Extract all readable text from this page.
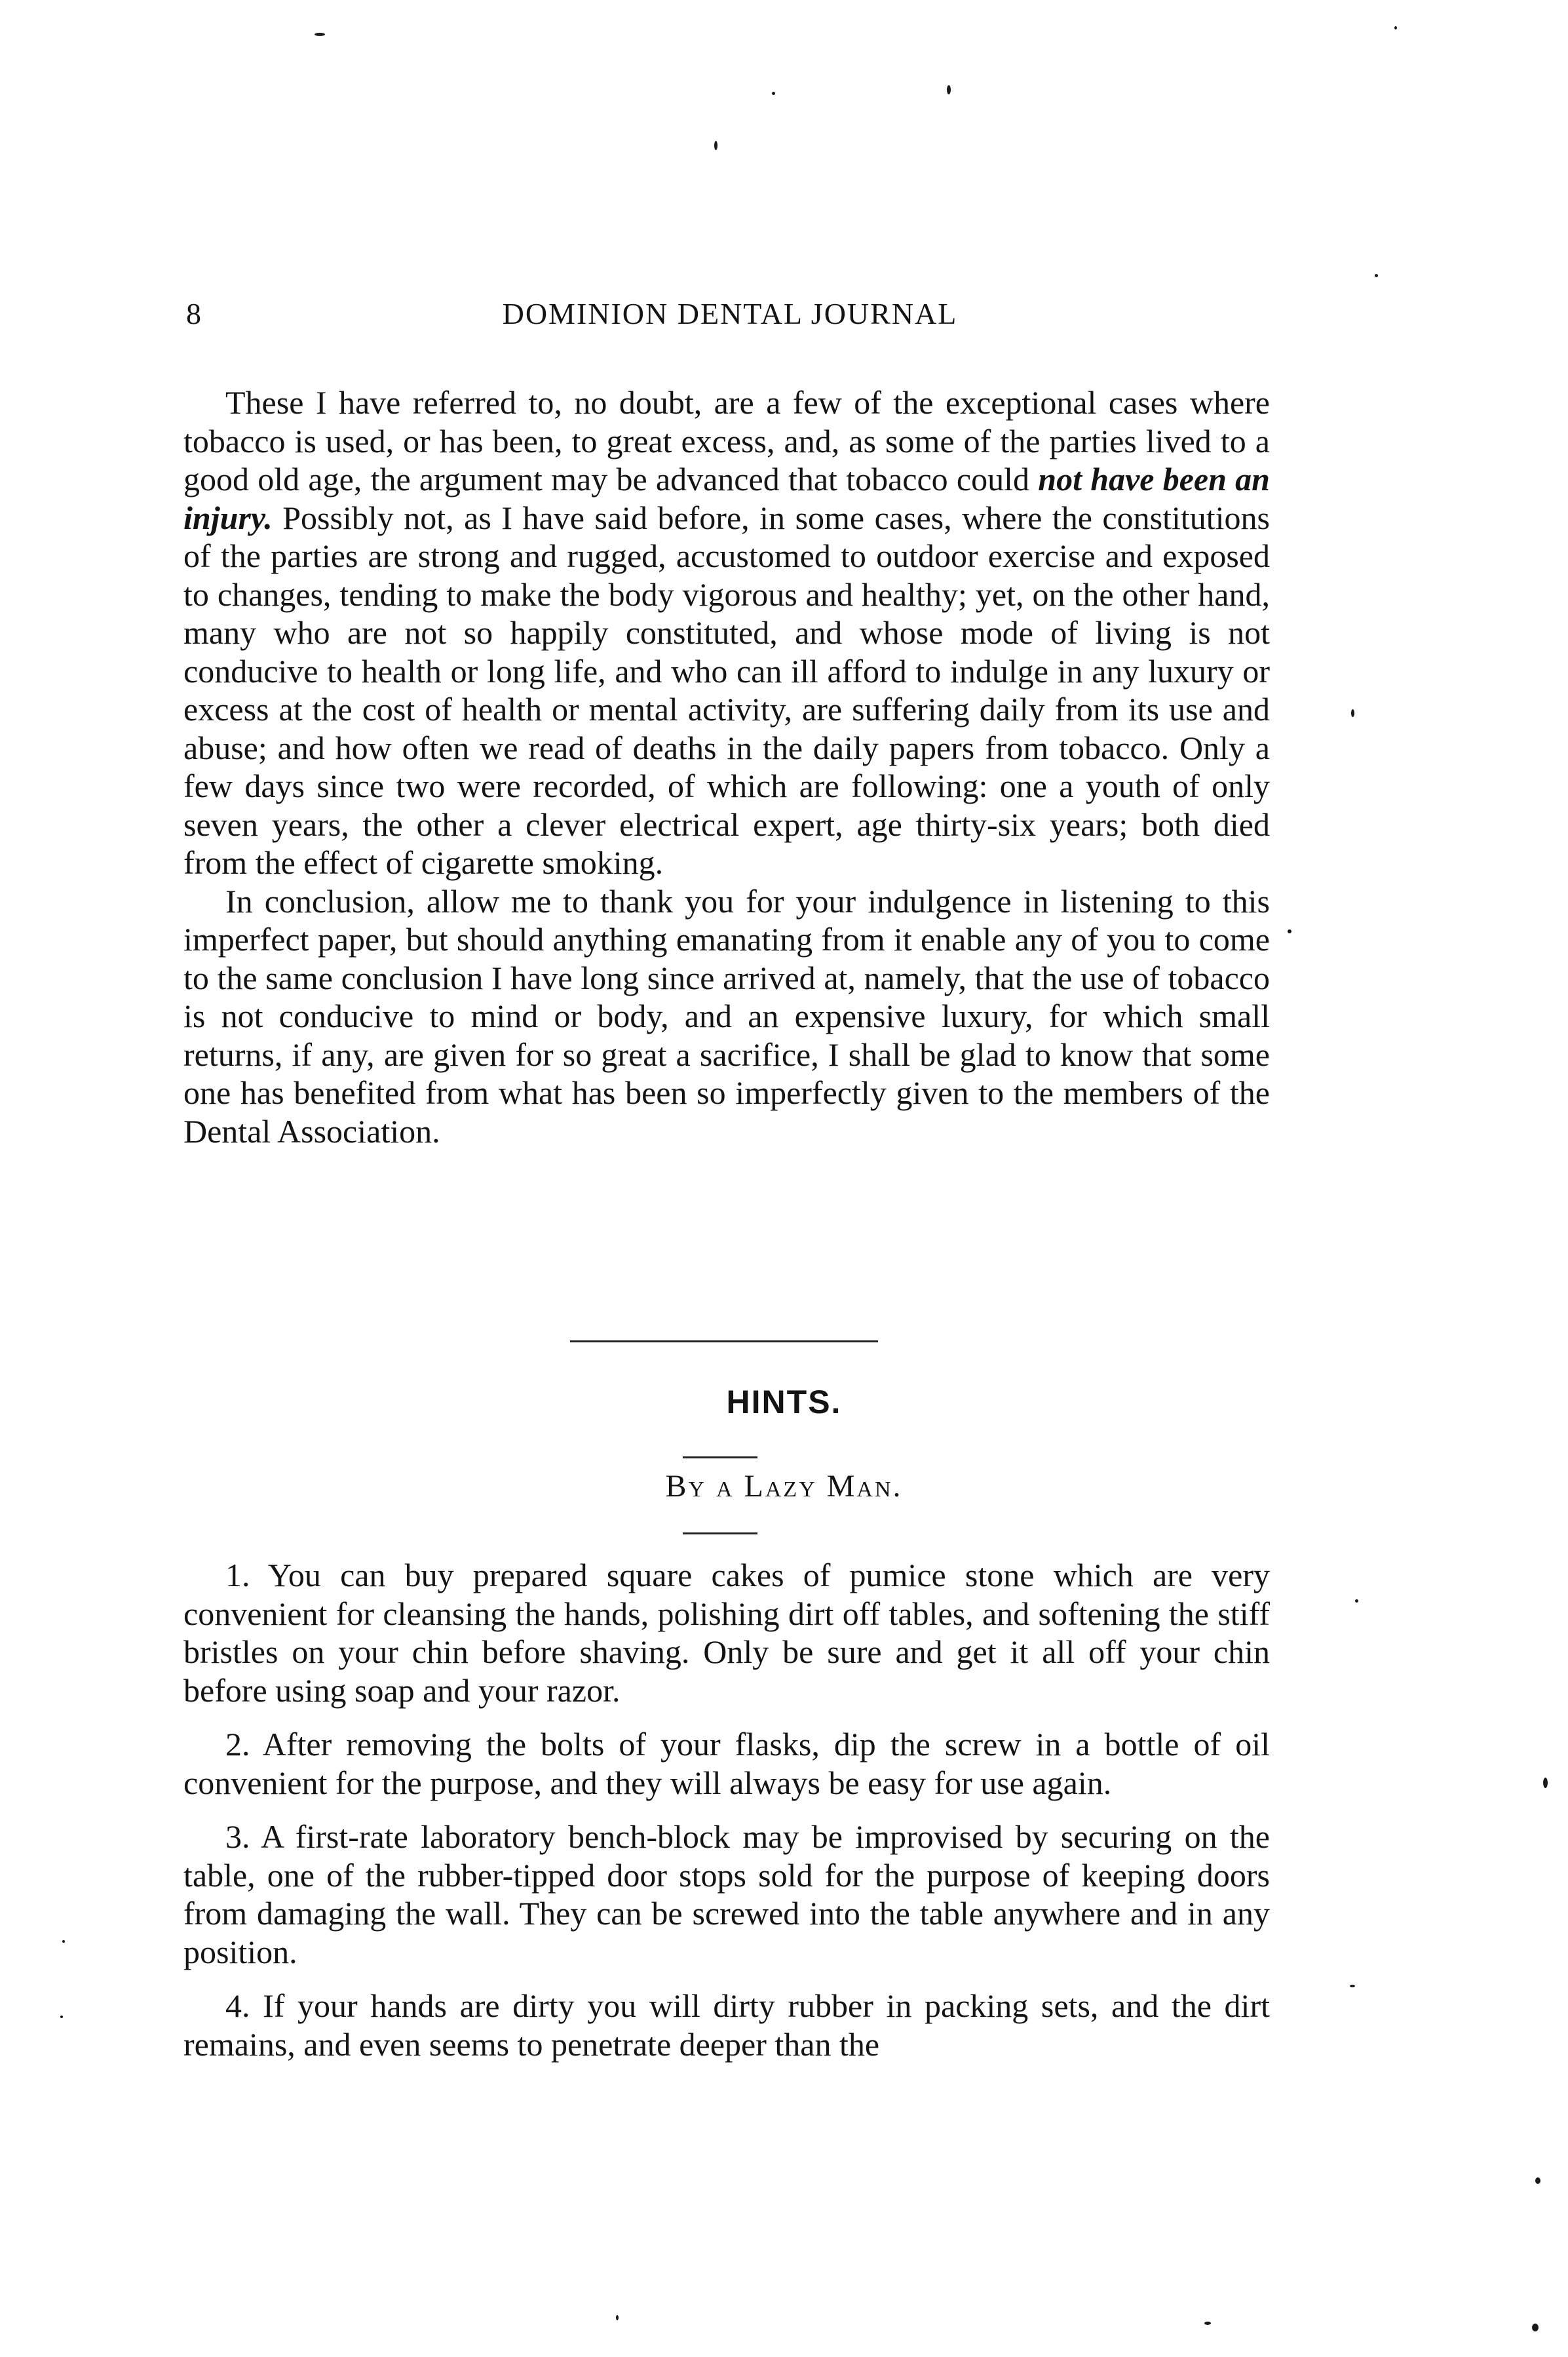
8	DOMINION DENTAL JOURNAL

These I have referred to, no doubt, are a few of the exceptional cases where tobacco is used, or has been, to great excess, and, as some of the parties lived to a good old age, the argument may be advanced that tobacco could not have been an injury. Possibly not, as I have said before, in some cases, where the constitutions of the parties are strong and rugged, accustomed to outdoor exercise and exposed to changes, tending to make the body vigorous and healthy; yet, on the other hand, many who are not so happily constituted, and whose mode of living is not conducive to health or long life, and who can ill afford to indulge in any luxury or excess at the cost of health or mental activity, are suffering daily from its use and abuse; and how often we read of deaths in the daily papers from tobacco. Only a few days since two were recorded, of which are following: one a youth of only seven years, the other a clever electrical expert, age thirty-six years; both died from the effect of cigarette smoking.

In conclusion, allow me to thank you for your indulgence in listening to this imperfect paper, but should anything emanating from it enable any of you to come to the same conclusion I have long since arrived at, namely, that the use of tobacco is not conducive to mind or body, and an expensive luxury, for which small returns, if any, are given for so great a sacrifice, I shall be glad to know that some one has benefited from what has been so imperfectly given to the members of the Dental Association.

HINTS.
By a Lazy Man.

1. You can buy prepared square cakes of pumice stone which are very convenient for cleansing the hands, polishing dirt off tables, and softening the stiff bristles on your chin before shaving. Only be sure and get it all off your chin before using soap and your razor.

2. After removing the bolts of your flasks, dip the screw in a bottle of oil convenient for the purpose, and they will always be easy for use again.

3. A first-rate laboratory bench-block may be improvised by securing on the table, one of the rubber-tipped door stops sold for the purpose of keeping doors from damaging the wall. They can be screwed into the table anywhere and in any position.

4. If your hands are dirty you will dirty rubber in packing sets, and the dirt remains, and even seems to penetrate deeper than the
